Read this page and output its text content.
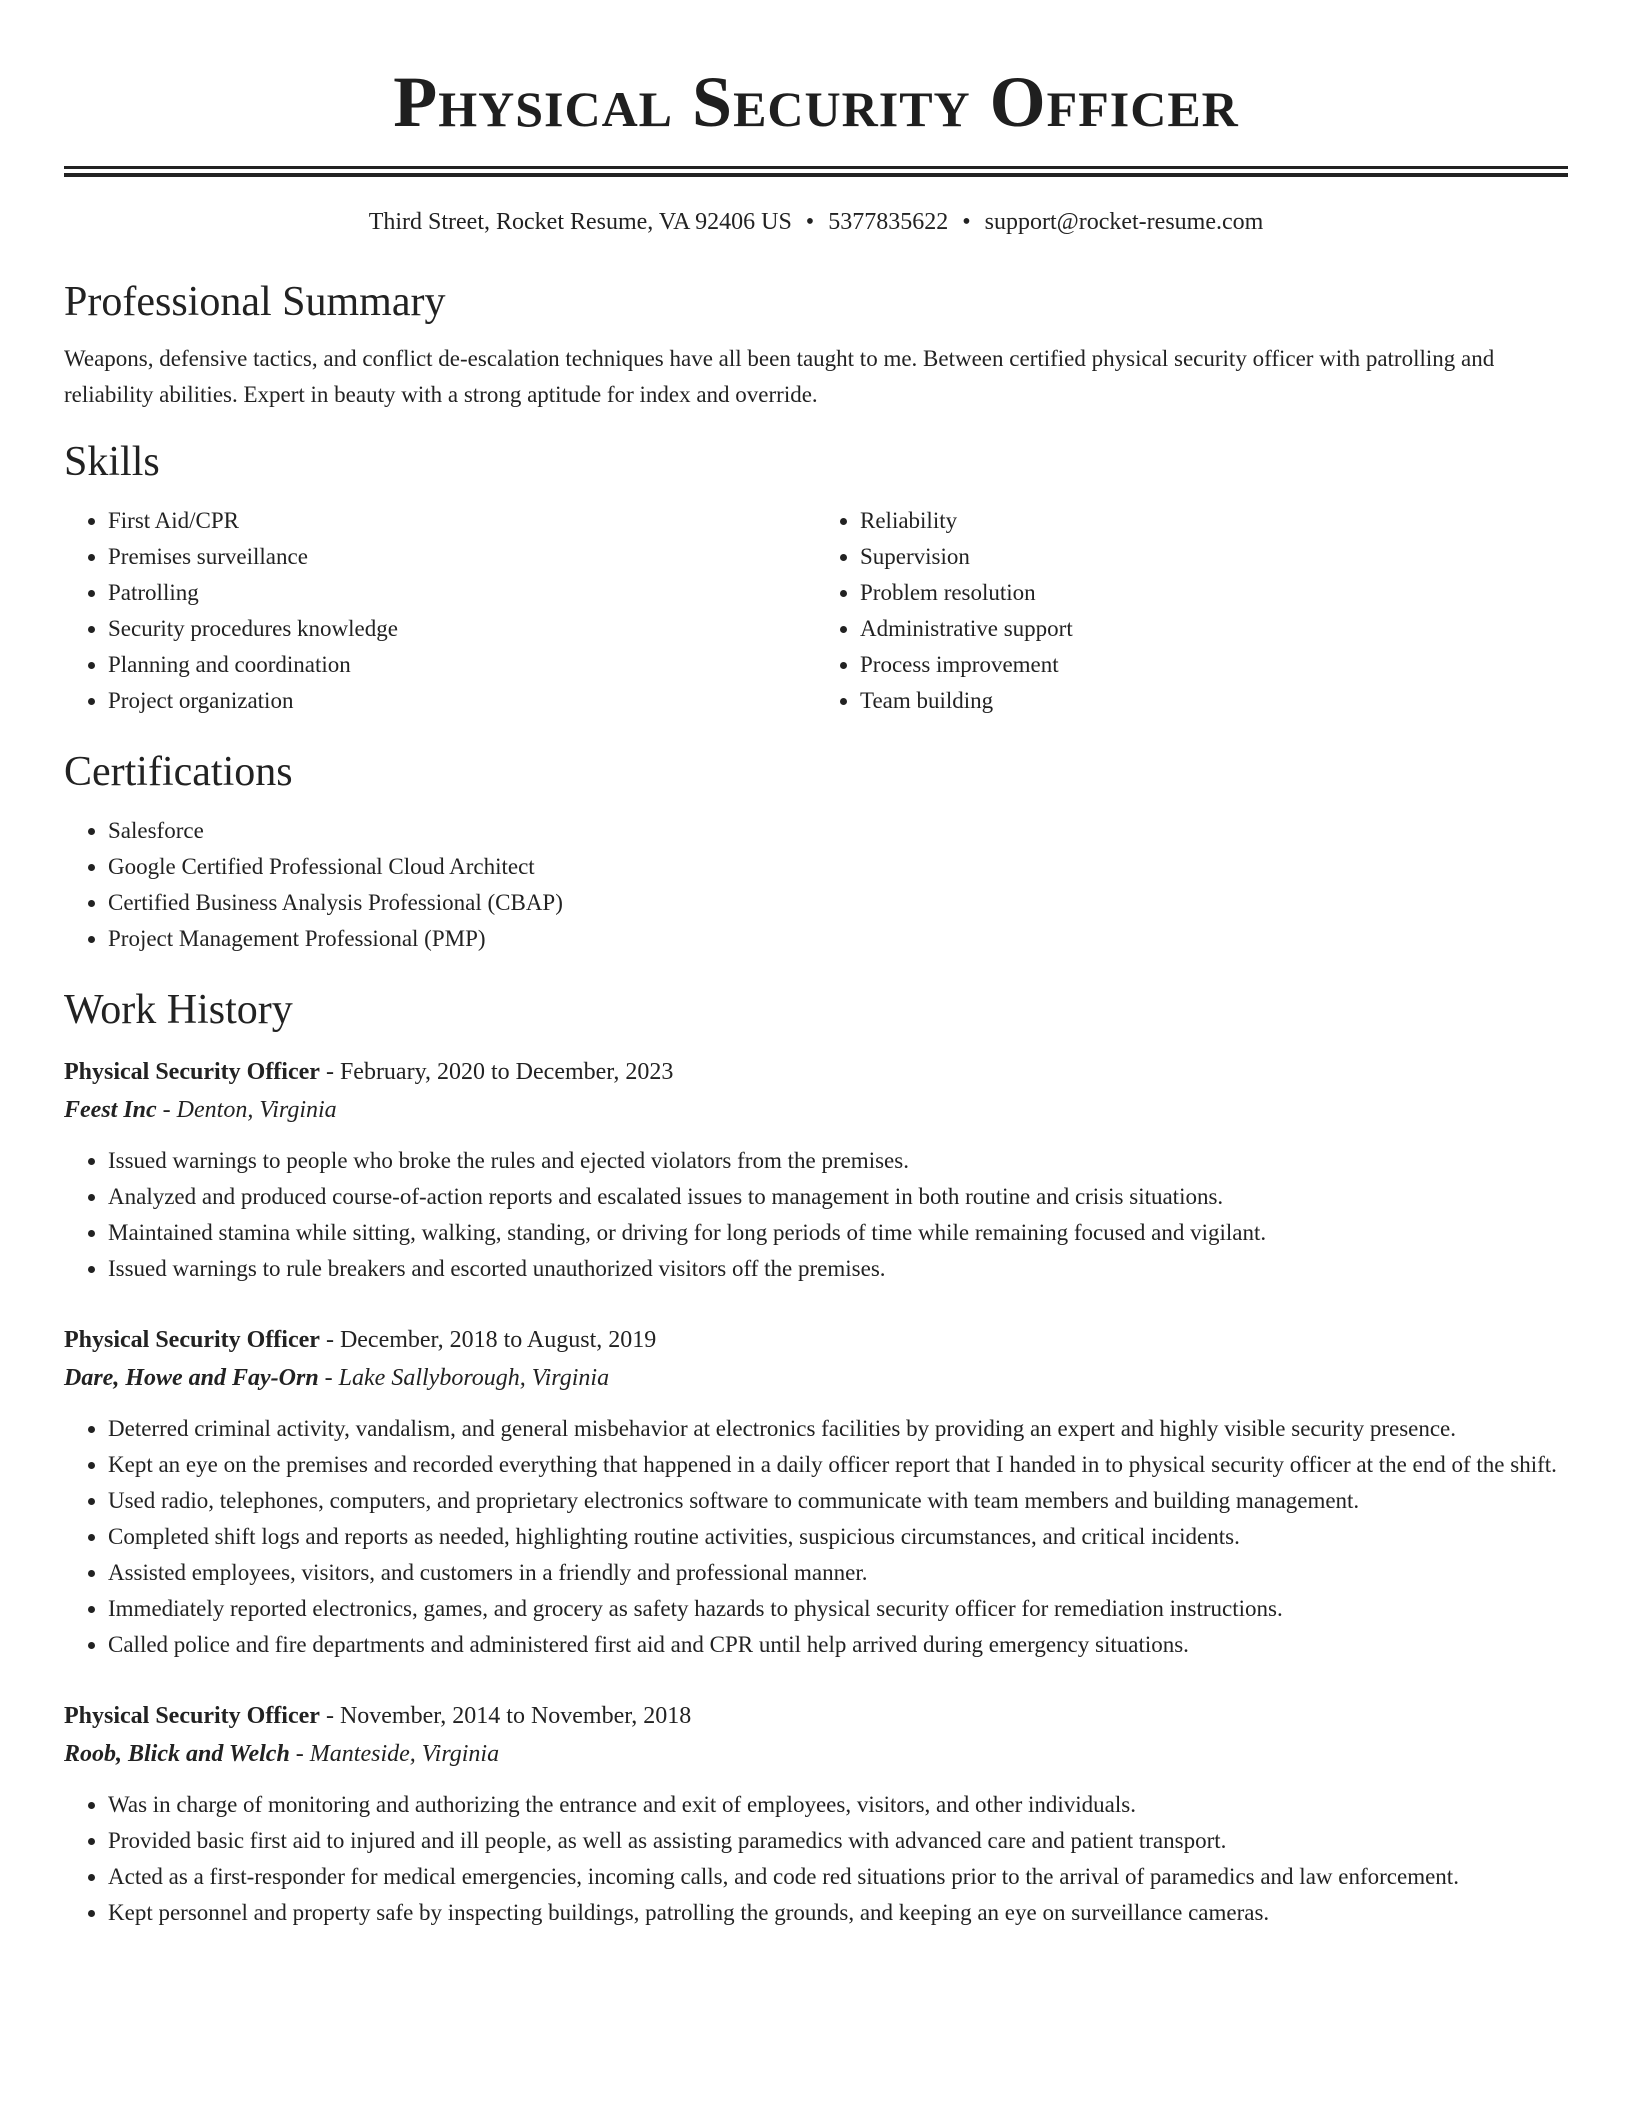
Physical Security Officer
Third Street, Rocket Resume, VA 92406 US • 5377835622 • support@rocket-resume.com
Professional Summary
Weapons, defensive tactics, and conflict de-escalation techniques have all been taught to me. Between certified physical security officer with patrolling and reliability abilities. Expert in beauty with a strong aptitude for index and override.
Skills
• First Aid/CPR
• Premises surveillance
• Patrolling
• Security procedures knowledge
• Planning and coordination
• Project organization
• Reliability
• Supervision
• Problem resolution
• Administrative support
• Process improvement
• Team building
Certifications
• Salesforce
• Google Certified Professional Cloud Architect
• Certified Business Analysis Professional (CBAP)
• Project Management Professional (PMP)
Work History
Physical Security Officer - February, 2020 to December, 2023
Feest Inc - Denton, Virginia
• Issued warnings to people who broke the rules and ejected violators from the premises.
• Analyzed and produced course-of-action reports and escalated issues to management in both routine and crisis situations.
• Maintained stamina while sitting, walking, standing, or driving for long periods of time while remaining focused and vigilant.
• Issued warnings to rule breakers and escorted unauthorized visitors off the premises.
Physical Security Officer - December, 2018 to August, 2019
Dare, Howe and Fay-Orn - Lake Sallyborough, Virginia
• Deterred criminal activity, vandalism, and general misbehavior at electronics facilities by providing an expert and highly visible security presence.
• Kept an eye on the premises and recorded everything that happened in a daily officer report that I handed in to physical security officer at the end of the shift.
• Used radio, telephones, computers, and proprietary electronics software to communicate with team members and building management.
• Completed shift logs and reports as needed, highlighting routine activities, suspicious circumstances, and critical incidents.
• Assisted employees, visitors, and customers in a friendly and professional manner.
• Immediately reported electronics, games, and grocery as safety hazards to physical security officer for remediation instructions.
• Called police and fire departments and administered first aid and CPR until help arrived during emergency situations.
Physical Security Officer - November, 2014 to November, 2018
Roob, Blick and Welch - Manteside, Virginia
• Was in charge of monitoring and authorizing the entrance and exit of employees, visitors, and other individuals.
• Provided basic first aid to injured and ill people, as well as assisting paramedics with advanced care and patient transport.
• Acted as a first-responder for medical emergencies, incoming calls, and code red situations prior to the arrival of paramedics and law enforcement.
• Kept personnel and property safe by inspecting buildings, patrolling the grounds, and keeping an eye on surveillance cameras.
